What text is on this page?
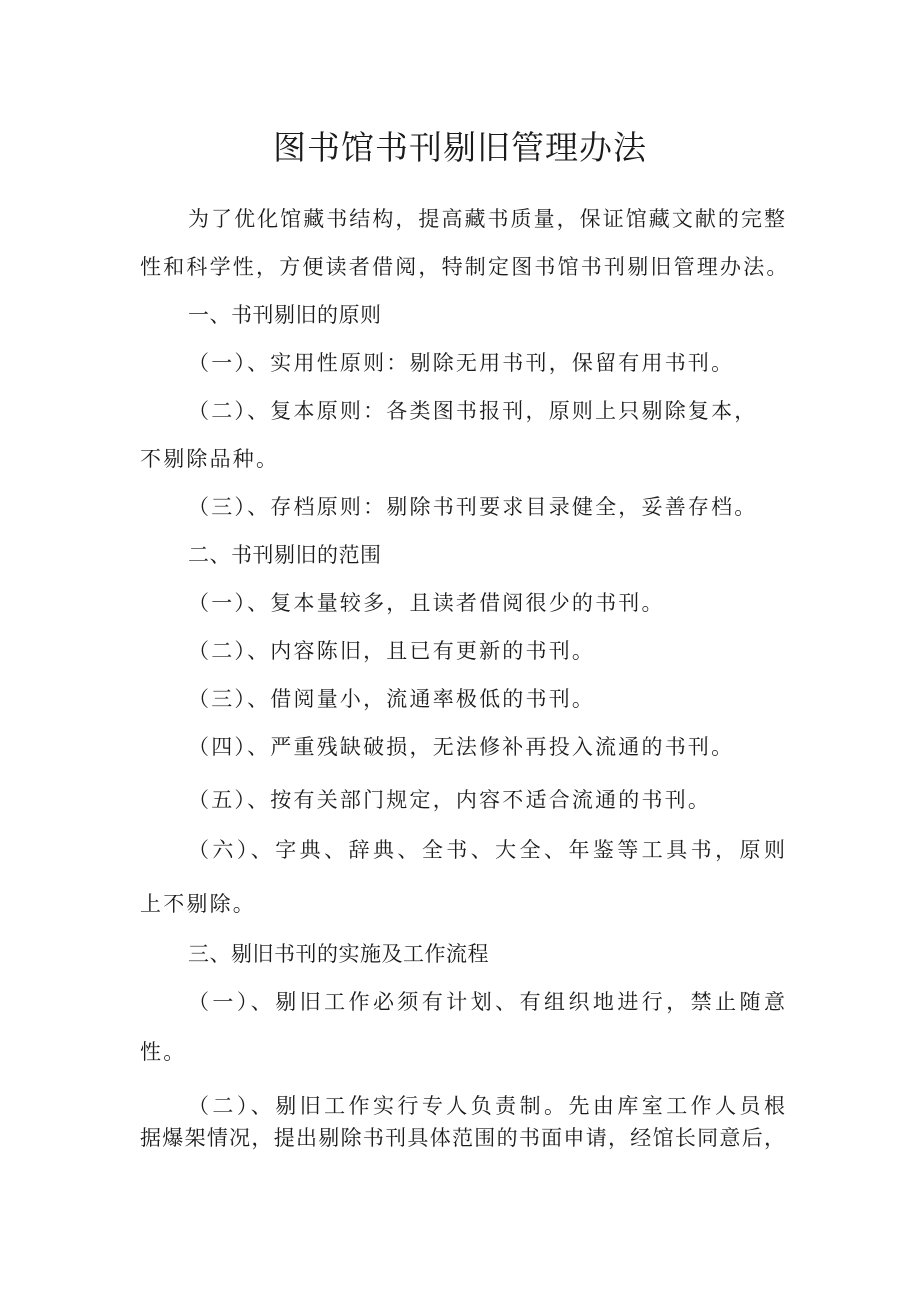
图书馆书刊剔旧管理办法
为了优化馆藏书结构，提高藏书质量，保证馆藏文献的完整
性和科学性，方便读者借阅，特制定图书馆书刊剔旧管理办法。
一、书刊剔旧的原则
（一）、实用性原则：剔除无用书刊，保留有用书刊。
（二）、复本原则：各类图书报刊，原则上只剔除复本，
不剔除品种。
（三）、存档原则：剔除书刊要求目录健全，妥善存档。
二、书刊剔旧的范围
（一）、复本量较多，且读者借阅很少的书刊。
（二）、内容陈旧，且已有更新的书刊。
（三）、借阅量小，流通率极低的书刊。
（四）、严重残缺破损，无法修补再投入流通的书刊。
（五）、按有关部门规定，内容不适合流通的书刊。
（六）、字典、辞典、全书、大全、年鉴等工具书，原则
上不剔除。
三、剔旧书刊的实施及工作流程
（一）、剔旧工作必须有计划、有组织地进行，禁止随意
性。
（二）、剔旧工作实行专人负责制。先由库室工作人员根
据爆架情况，提出剔除书刊具体范围的书面申请，经馆长同意后，
